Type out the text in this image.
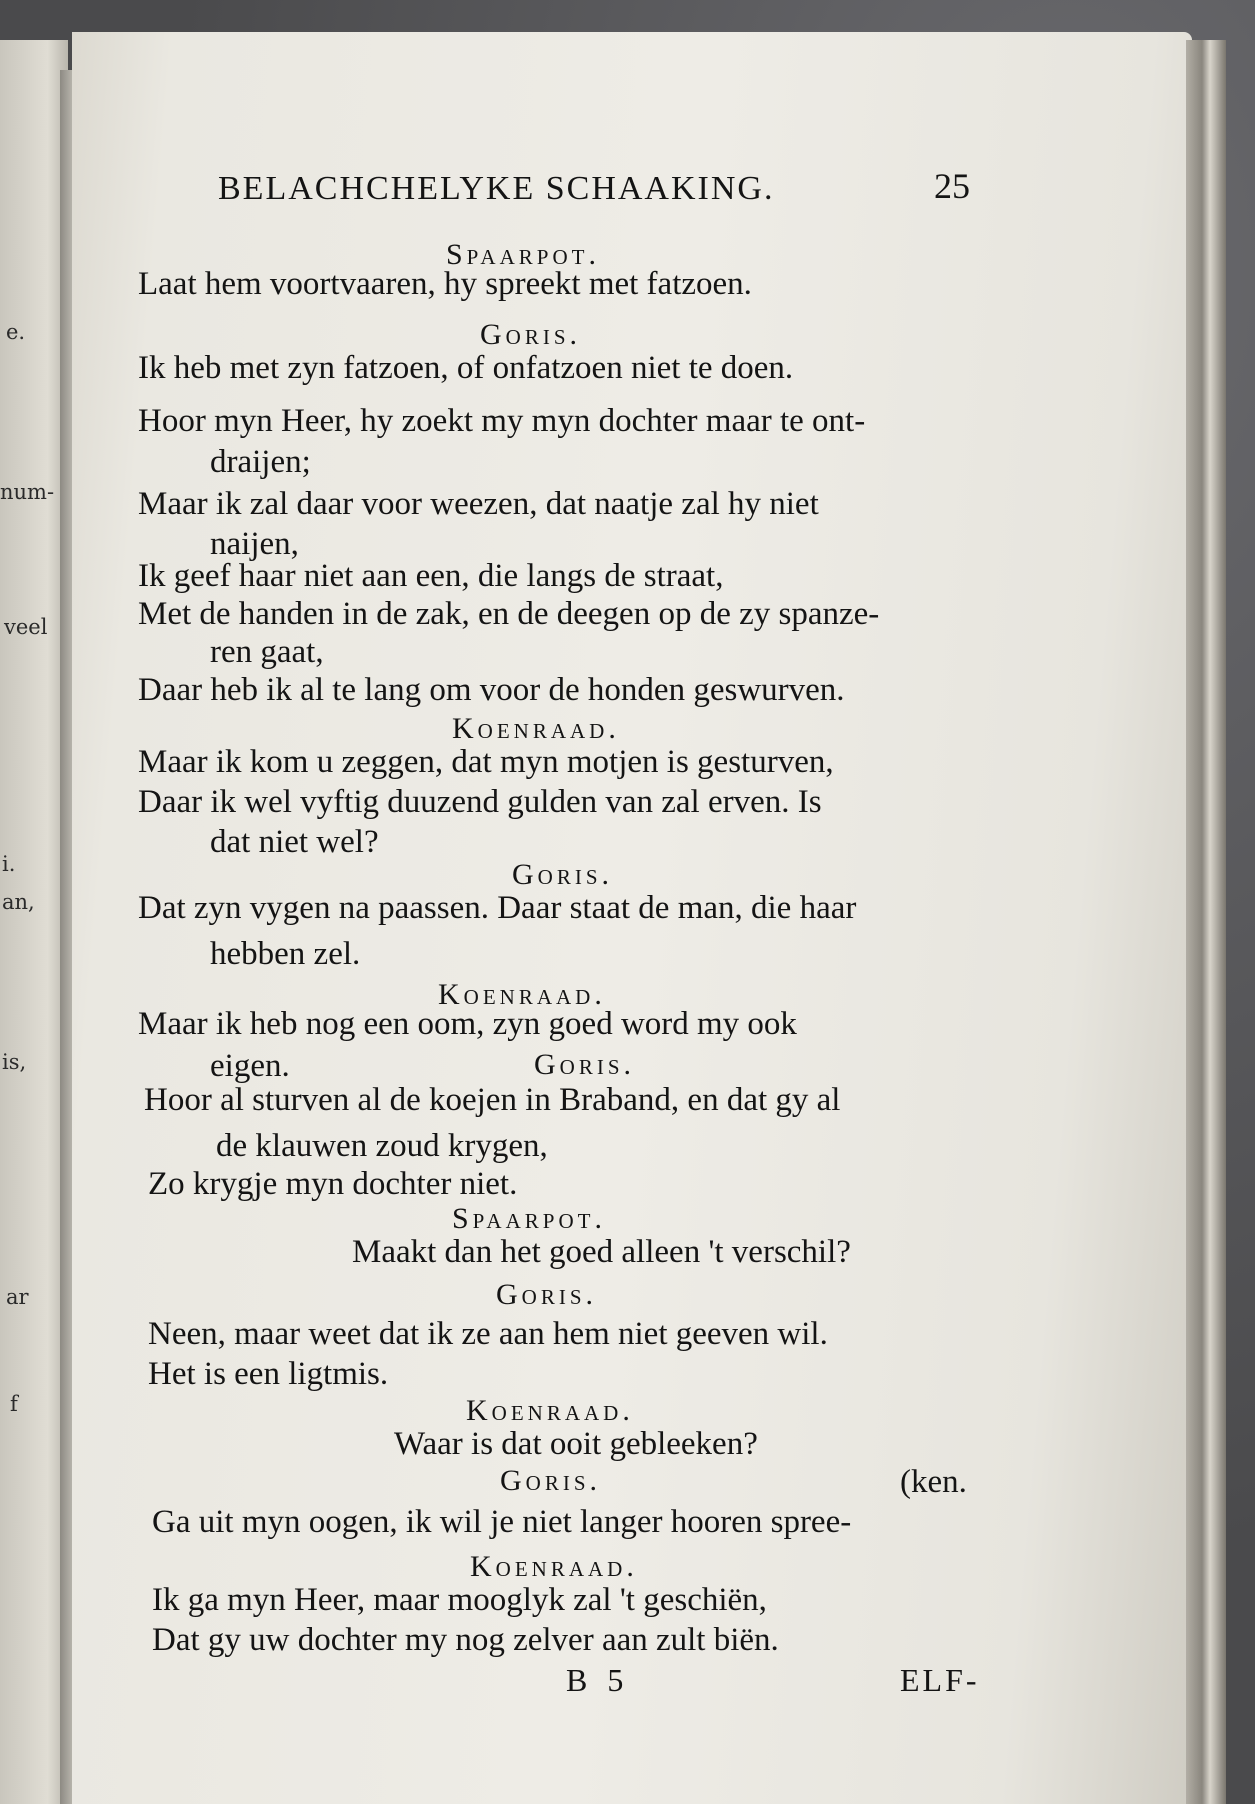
e.
num-
veel
i.
an,
is,
ar
f
BELACHCHELYKE SCHAAKING.	25
Spaarpot.
Laat hem voortvaaren, hy spreekt met fatzoen.
Goris.
Ik heb met zyn fatzoen, of onfatzoen niet te doen.
Hoor myn Heer, hy zoekt my myn dochter maar te ont-
draijen;
Maar ik zal daar voor weezen, dat naatje zal hy niet
naijen,
Ik geef haar niet aan een, die langs de straat,
Met de handen in de zak, en de deegen op de zy spanze-
ren gaat,
Daar heb ik al te lang om voor de honden geswurven.
Koenraad.
Maar ik kom u zeggen, dat myn motjen is gesturven,
Daar ik wel vyftig duuzend gulden van zal erven. Is
dat niet wel?
Goris.
Dat zyn vygen na paassen. Daar staat de man, die haar
hebben zel.
Koenraad.
Maar ik heb nog een oom, zyn goed word my ook
eigen.	Goris.
Hoor al sturven al de koejen in Braband, en dat gy al
de klauwen zoud krygen,
Zo krygje myn dochter niet.
Spaarpot.
Maakt dan het goed alleen 't verschil?
Goris.
Neen, maar weet dat ik ze aan hem niet geeven wil.
Het is een ligtmis.
Koenraad.
Waar is dat ooit gebleeken?
Goris.	(ken.
Ga uit myn oogen, ik wil je niet langer hooren spree-
Koenraad.
Ik ga myn Heer, maar mooglyk zal 't geschiën,
Dat gy uw dochter my nog zelver aan zult biën.
B 5	ELF-
